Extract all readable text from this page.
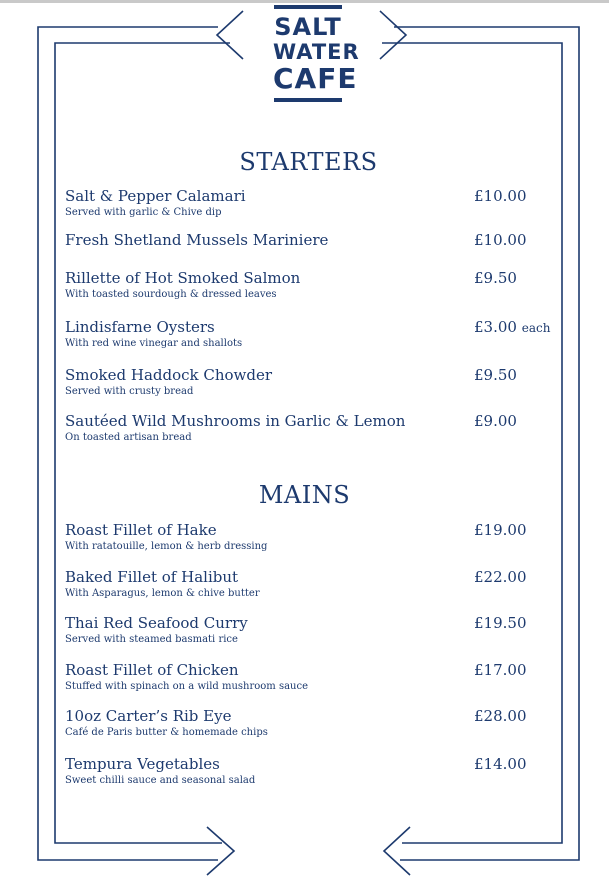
SALT
WATER
CAFE
STARTERS
Salt & Pepper Calamari
Served with garlic & Chive dip
£10.00
Fresh Shetland Mussels Mariniere	£10.00
Rillette of Hot Smoked Salmon
With toasted sourdough & dressed leaves
£9.50
Lindisfarne Oysters
With red wine vinegar and shallots
£3.00 each
Smoked Haddock Chowder
Served with crusty bread
£9.50
Sautéed Wild Mushrooms in Garlic & Lemon
On toasted artisan bread
£9.00
MAINS
Roast Fillet of Hake
With ratatouille, lemon & herb dressing
£19.00
Baked Fillet of Halibut
With Asparagus, lemon & chive butter
£22.00
Thai Red Seafood Curry
Served with steamed basmati rice
£19.50
Roast Fillet of Chicken
Stuffed with spinach on a wild mushroom sauce
£17.00
10oz Carter’s Rib Eye
Café de Paris butter & homemade chips
£28.00
Tempura Vegetables
Sweet chilli sauce and seasonal salad
£14.00
